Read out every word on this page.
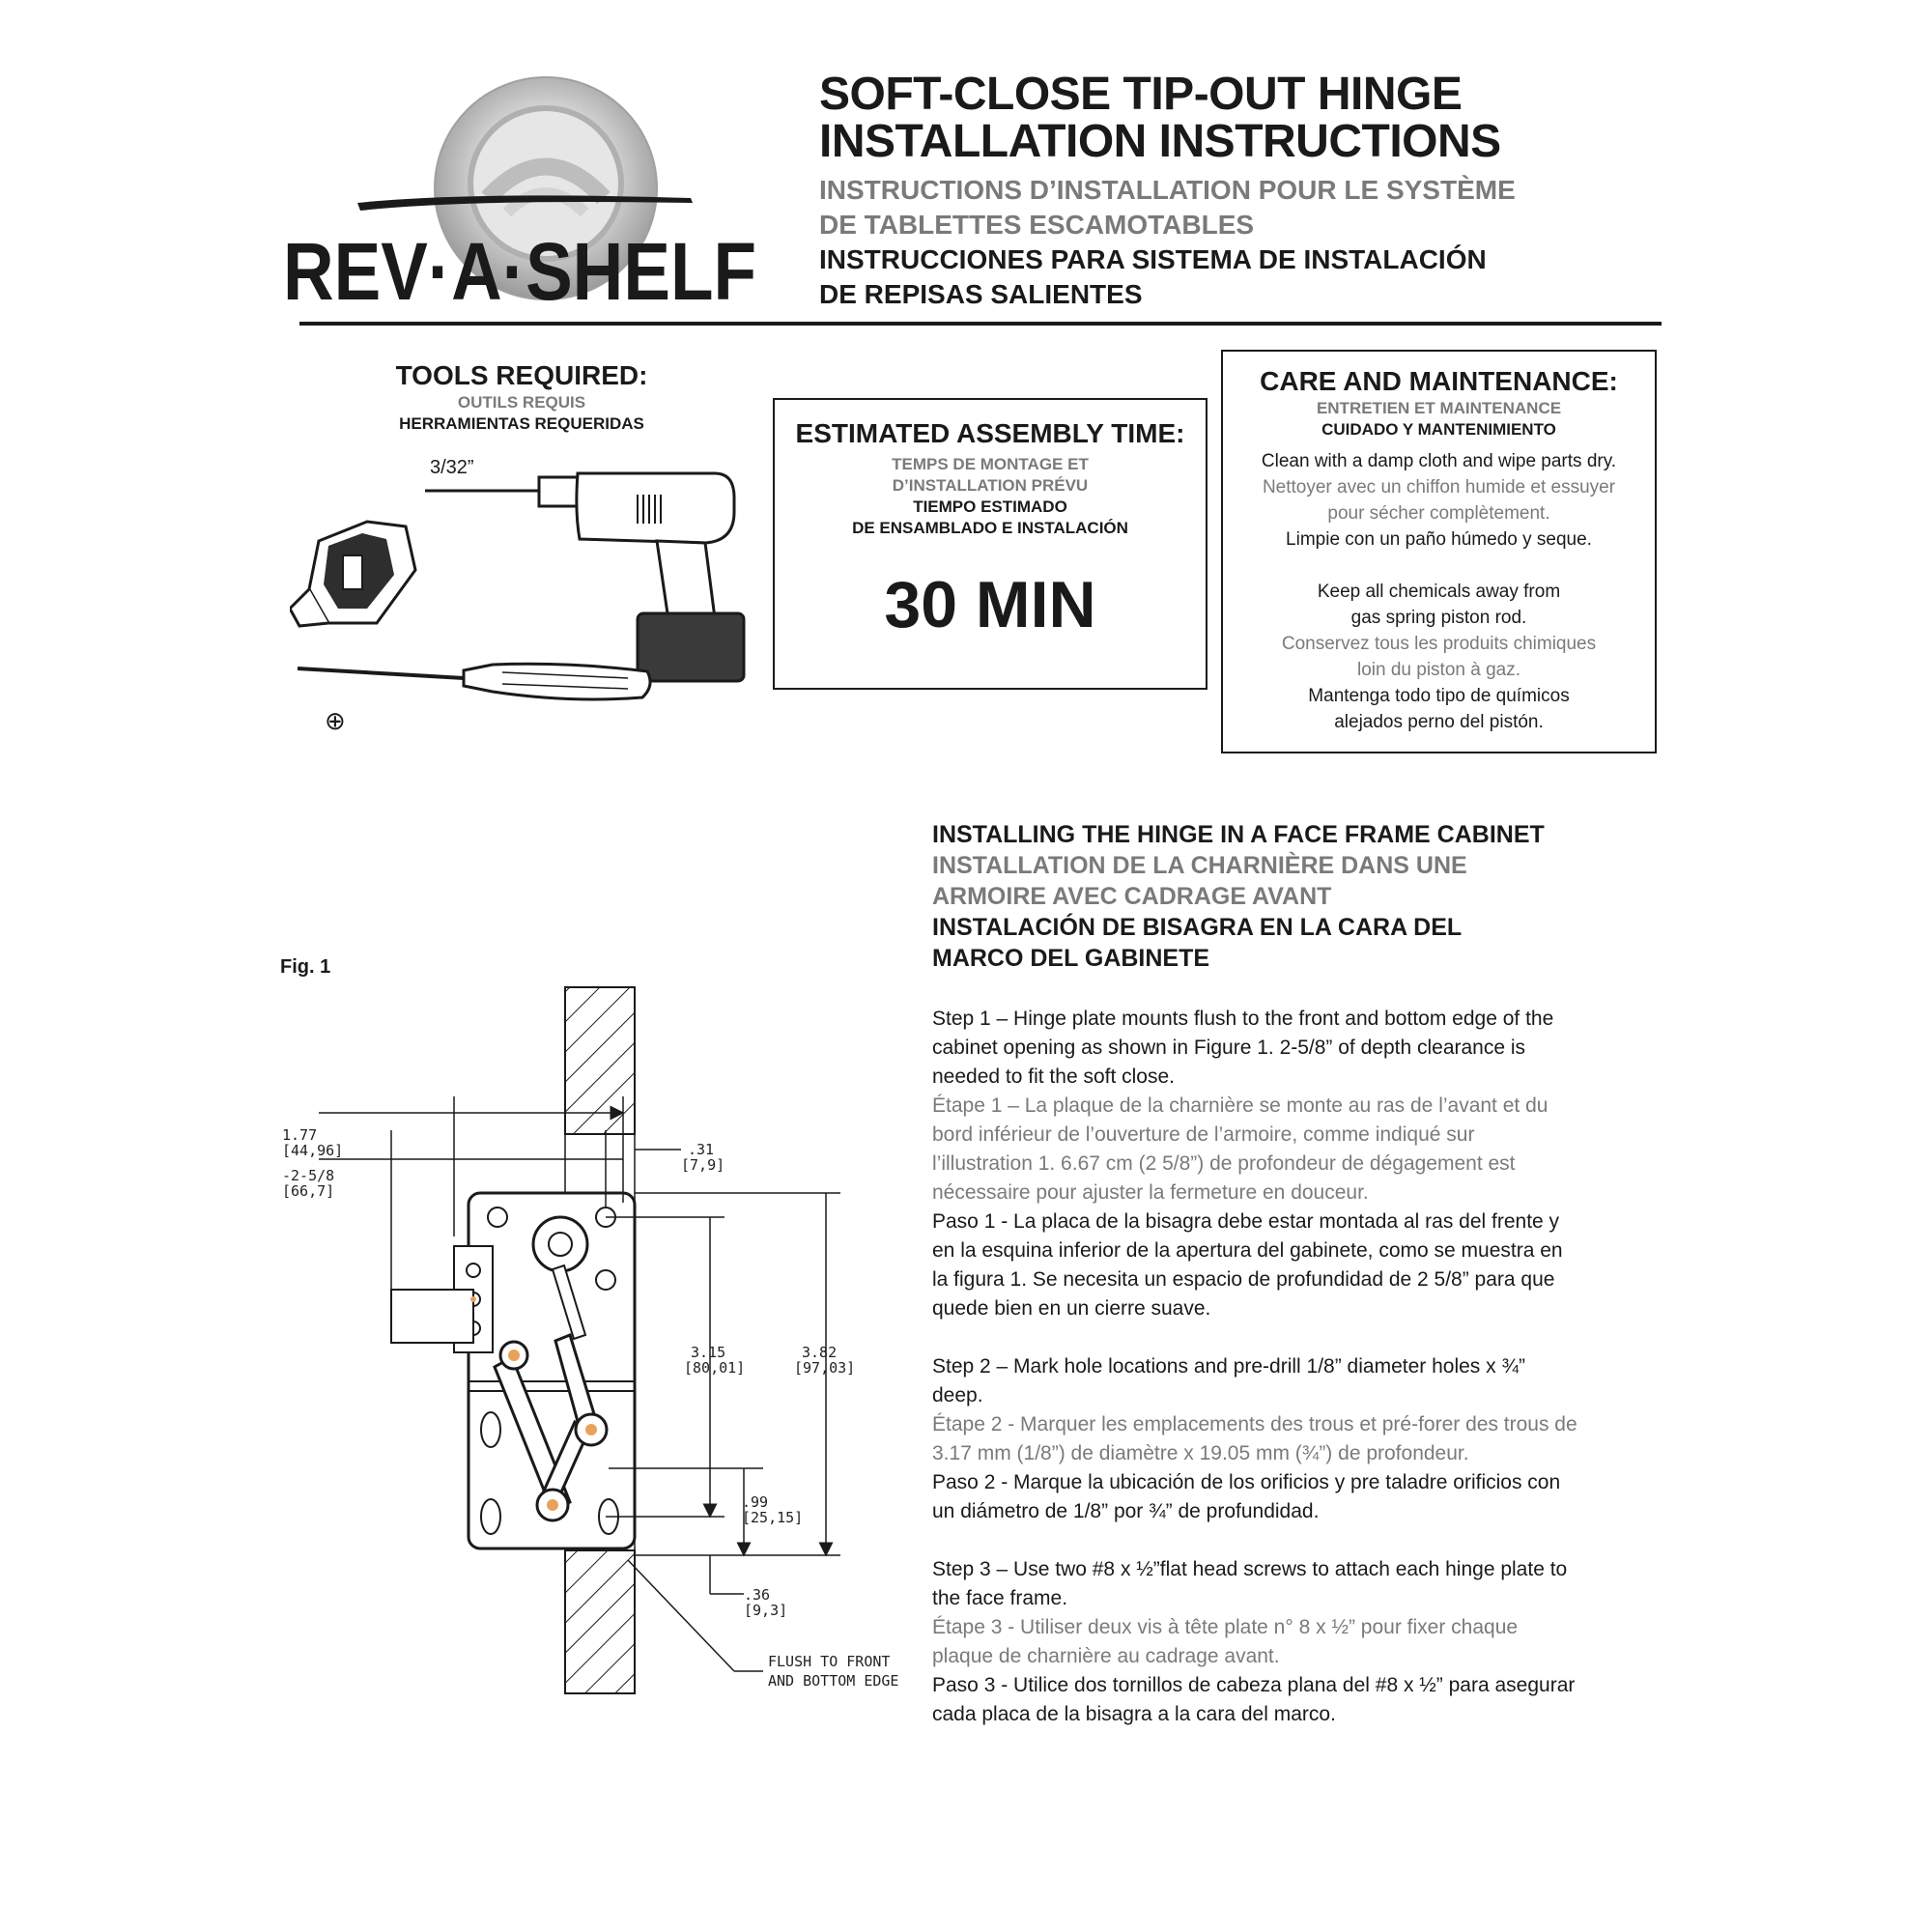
REV·A·SHELF
SOFT-CLOSE TIP-OUT HINGE
INSTALLATION INSTRUCTIONS
INSTRUCTIONS D’INSTALLATION POUR LE SYSTÈME
DE TABLETTES ESCAMOTABLES
INSTRUCCIONES PARA SISTEMA DE INSTALACIÓN
DE REPISAS SALIENTES
TOOLS REQUIRED:
OUTILS REQUIS
HERRAMIENTAS REQUERIDAS
3/32”
⊕
ESTIMATED ASSEMBLY TIME:
TEMPS DE MONTAGE ET
D’INSTALLATION PRÉVU
TIEMPO ESTIMADO
DE ENSAMBLADO E INSTALACIÓN
30 MIN
CARE AND MAINTENANCE:
ENTRETIEN ET MAINTENANCE
CUIDADO Y MANTENIMIENTO
Clean with a damp cloth and wipe parts dry.
Nettoyer avec un chiffon humide et essuyer
pour sécher complètement.
Limpie con un paño húmedo y seque.
Keep all chemicals away from
gas spring piston rod.
Conservez tous les produits chimiques
loin du piston à gaz.
Mantenga todo tipo de químicos
alejados perno del pistón.
Fig. 1
1.77
[44,96]
-2-5/8
[66,7]
.31
[7,9]
3.15
[80,01]
3.82
[97,03]
.99
[25,15]
.36
[9,3]
FLUSH TO FRONT
AND BOTTOM EDGE
INSTALLING THE HINGE IN A FACE FRAME CABINET
INSTALLATION DE LA CHARNIÈRE DANS UNE
ARMOIRE AVEC CADRAGE AVANT
INSTALACIÓN DE BISAGRA EN LA CARA DEL
MARCO DEL GABINETE

Step 1 – Hinge plate mounts flush to the front and bottom edge of the cabinet opening as shown in Figure 1. 2-5/8” of depth clearance is needed to fit the soft close.

Étape 1 – La plaque de la charnière se monte au ras de l’avant et du bord inférieur de l’ouverture de l’armoire, comme indiqué sur l’illustration 1. 6.67 cm (2 5/8”) de profondeur de dégagement est nécessaire pour ajuster la fermeture en douceur.

Paso 1 - La placa de la bisagra debe estar montada al ras del frente y en la esquina inferior de la apertura del gabinete, como se muestra en la figura 1. Se necesita un espacio de profundidad de 2 5/8” para que quede bien en un cierre suave.

Step 2 – Mark hole locations and pre-drill 1/8” diameter holes x ¾” deep.

Étape 2 - Marquer les emplacements des trous et pré-forer des trous de 3.17 mm (1/8”) de diamètre x 19.05 mm (¾”) de profondeur.

Paso 2 - Marque la ubicación de los orificios y pre taladre orificios con un diámetro de 1/8” por ¾” de profundidad.

Step 3 – Use two #8 x ½”flat head screws to attach each hinge plate to the face frame.

Étape 3 - Utiliser deux vis à tête plate n° 8 x ½” pour fixer chaque plaque de charnière au cadrage avant.

Paso 3 - Utilice dos tornillos de cabeza plana del #8 x ½” para asegurar cada placa de la bisagra a la cara del marco.
